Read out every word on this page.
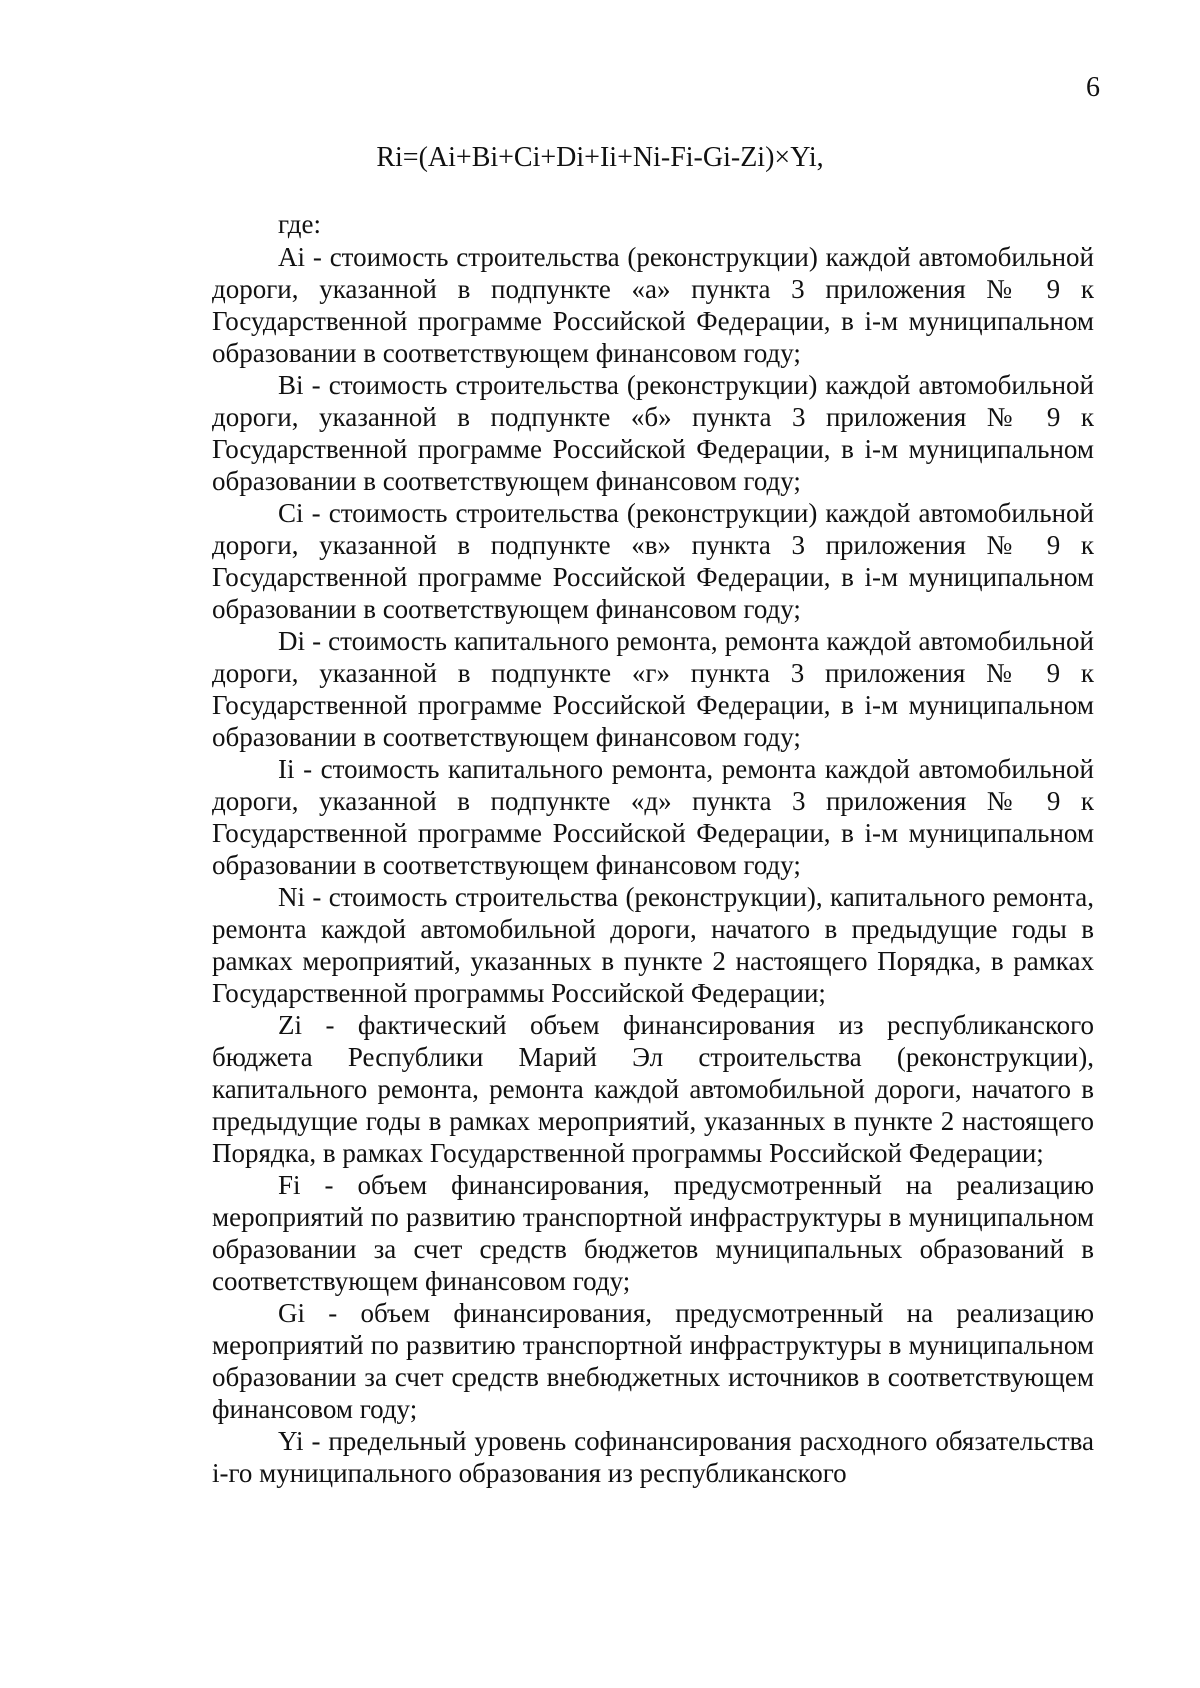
6
Ri=(Ai+Bi+Ci+Di+Ii+Ni-Fi-Gi-Zi)×Yi,

где:

Ai - стоимость строительства (реконструкции) каждой автомобильной дороги, указанной в подпункте «а» пункта 3 приложения № 9 к Государственной программе Российской Федерации, в i-м муниципальном образовании в соответствующем финансовом году;

Bi - стоимость строительства (реконструкции) каждой автомобильной дороги, указанной в подпункте «б» пункта 3 приложения № 9 к Государственной программе Российской Федерации, в i-м муниципальном образовании в соответствующем финансовом году;

Ci - стоимость строительства (реконструкции) каждой автомобильной дороги, указанной в подпункте «в» пункта 3 приложения № 9 к Государственной программе Российской Федерации, в i-м муниципальном образовании в соответствующем финансовом году;

Di - стоимость капитального ремонта, ремонта каждой автомобильной дороги, указанной в подпункте «г» пункта 3 приложения № 9 к Государственной программе Российской Федерации, в i-м муниципальном образовании в соответствующем финансовом году;

Ii - стоимость капитального ремонта, ремонта каждой автомобильной дороги, указанной в подпункте «д» пункта 3 приложения № 9 к Государственной программе Российской Федерации, в i-м муниципальном образовании в соответствующем финансовом году;

Ni - стоимость строительства (реконструкции), капитального ремонта, ремонта каждой автомобильной дороги, начатого в предыдущие годы в рамках мероприятий, указанных в пункте 2 настоящего Порядка, в рамках Государственной программы Российской Федерации;

Zi - фактический объем финансирования из республиканского бюджета Республики Марий Эл строительства (реконструкции), капитального ремонта, ремонта каждой автомобильной дороги, начатого в предыдущие годы в рамках мероприятий, указанных в пункте 2 настоящего Порядка, в рамках Государственной программы Российской Федерации;

Fi - объем финансирования, предусмотренный на реализацию мероприятий по развитию транспортной инфраструктуры в муниципальном образовании за счет средств бюджетов муниципальных образований в соответствующем финансовом году;

Gi - объем финансирования, предусмотренный на реализацию мероприятий по развитию транспортной инфраструктуры в муниципальном образовании за счет средств внебюджетных источников в соответствующем финансовом году;

Yi - предельный уровень софинансирования расходного обязательства i-го муниципального образования из республиканского
